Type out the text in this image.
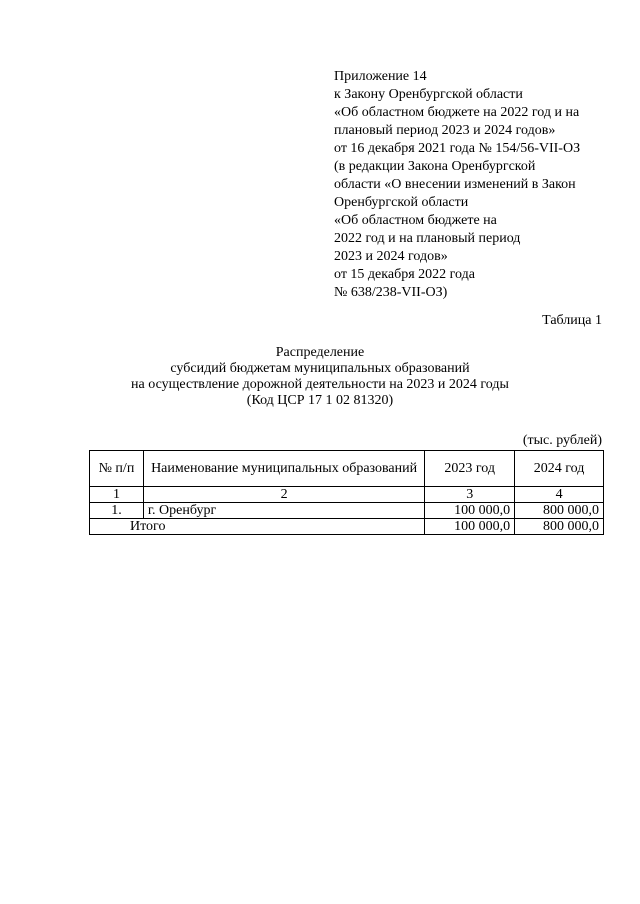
Приложение 14
к Закону Оренбургской области
«Об областном бюджете на 2022 год и на
плановый период 2023 и 2024 годов»
от 16 декабря 2021 года № 154/56-VII-ОЗ
(в редакции Закона Оренбургской
области «О внесении изменений в Закон
Оренбургской области
«Об областном бюджете на
2022 год и на плановый период
2023 и 2024 годов»
от 15 декабря 2022 года
№ 638/238-VII-ОЗ)
Таблица 1
Распределение
субсидий бюджетам муниципальных образований
на осуществление дорожной деятельности на 2023 и 2024 годы
(Код ЦСР 17 1 02 81320)
(тыс. рублей)
№ п/п	Наименование муниципальных образований	2023 год	2024 год
1	2	3	4
1.	г. Оренбург	100 000,0	800 000,0
Итого		100 000,0	800 000,0
